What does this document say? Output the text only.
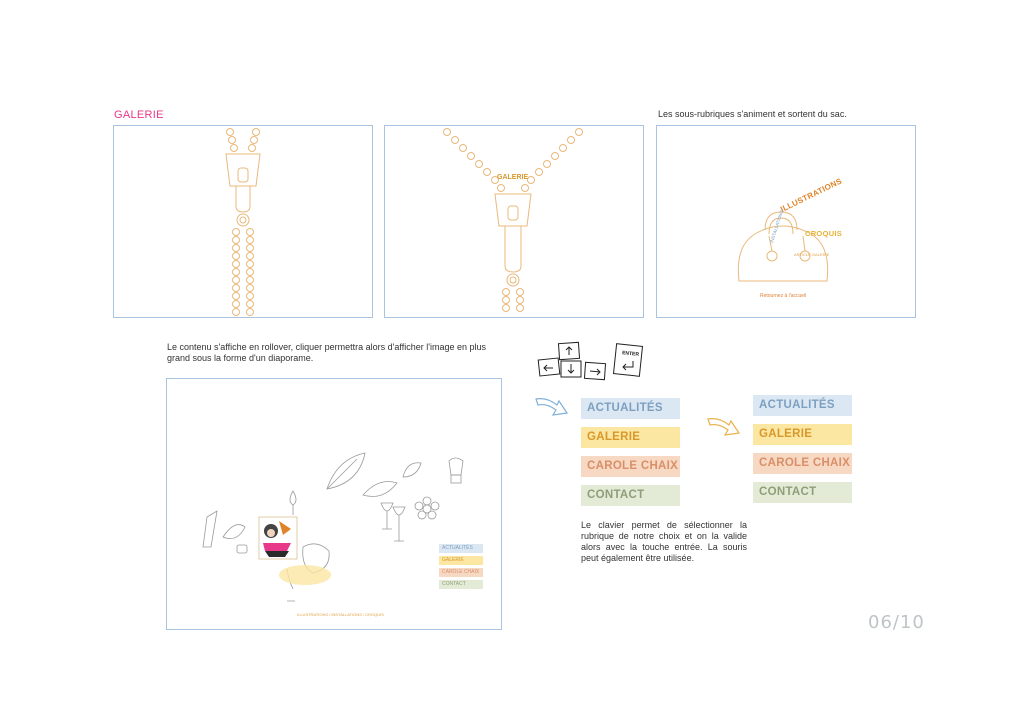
GALERIE
GALERIE
Les sous-rubriques s'animent et sortent du sac.
ILLUSTRATIONS
CROQUIS
INSTALLATIONS
ARTICLE GALERIE
Retournez à l'accueil
Le contenu s'affiche en rollover, cliquer permettra alors d'afficher l'image en plus grand sous la forme d'un diaporame.
ACTUALITÉS
GALERIE
CAROLE CHAIX
CONTACT
ILLUSTRATIONS / INSTALLATIONS / CROQUIS
ENTER
ACTUALITÉS
GALERIE
CAROLE CHAIX
CONTACT
ACTUALITÉS
GALERIE
CAROLE CHAIX
CONTACT
Le clavier permet de sélectionner la rubrique de notre choix et on la valide alors avec la touche entrée. La souris peut également être utilisée.
06/10
